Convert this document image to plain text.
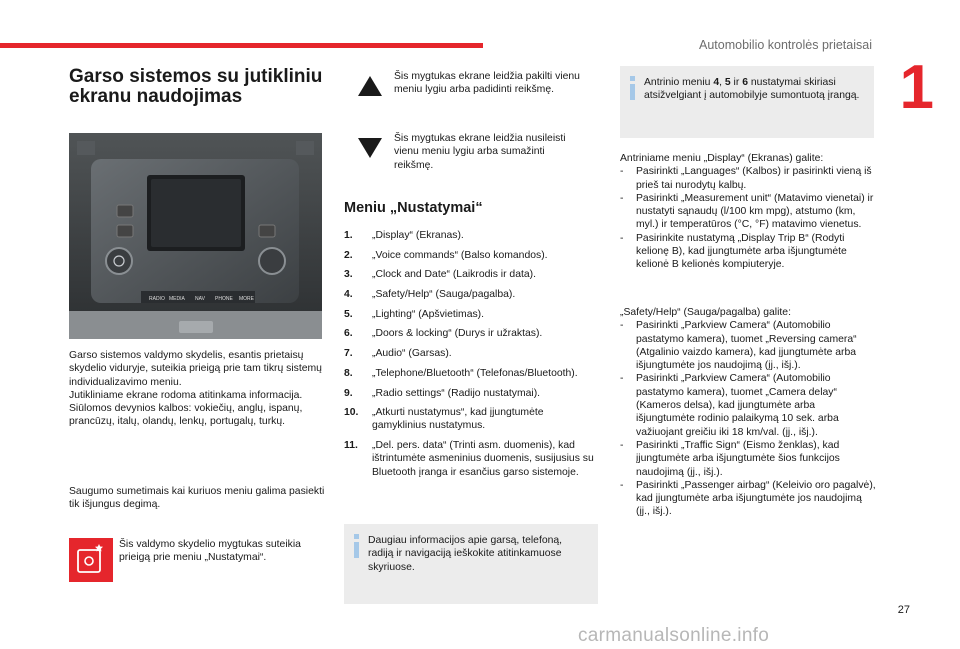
Automobilio kontrolės prietaisai
1
Garso sistemos su jutikliniu ekranu naudojimas
RADIO MEDIA NAV PHONE MORE

Garso sistemos valdymo skydelis, esantis prietaisų skydelio viduryje, suteikia prieigą prie tam tikrų sistemų individualizavimo meniu.

Jutikliniame ekrane rodoma atitinkama informacija.

Siūlomos devynios kalbos: vokiečių, anglų, ispanų, prancūzų, italų, olandų, lenkų, portugalų, turkų.

Saugumo sumetimais kai kuriuos meniu galima pasiekti tik išjungus degimą.
Šis valdymo skydelio mygtukas suteikia prieigą prie meniu „Nustatymai“.
Šis mygtukas ekrane leidžia pakilti vienu meniu lygiu arba padidinti reikšmę.
Šis mygtukas ekrane leidžia nusileisti vienu meniu lygiu arba sumažinti reikšmę.
Meniu „Nustatymai“
1.	„Display“ (Ekranas).
2.	„Voice commands“ (Balso komandos).
3.	„Clock and Date“ (Laikrodis ir data).
4.	„Safety/Help“ (Sauga/pagalba).
5.	„Lighting“ (Apšvietimas).
6.	„Doors & locking“ (Durys ir užraktas).
7.	„Audio“ (Garsas).
8.	„Telephone/Bluetooth“ (Telefonas/Bluetooth).
9.	„Radio settings“ (Radijo nustatymai).
10.	„Atkurti nustatymus“, kad įjungtumėte gamyklinius nustatymus.
11.	„Del. pers. data“ (Trinti asm. duomenis), kad ištrintumėte asmeninius duomenis, susijusius su Bluetooth įranga ir esančius garso sistemoje.
Daugiau informacijos apie garsą, telefoną, radiją ir navigaciją ieškokite atitinkamuose skyriuose.
Antrinio meniu 4, 5 ir 6 nustatymai skiriasi atsižvelgiant į automobilyje sumontuotą įrangą.

Antriniame meniu „Display“ (Ekranas) galite:

- Pasirinkti „Languages“ (Kalbos) ir pasirinkti vieną iš prieš tai nurodytų kalbų.
- Pasirinkti „Measurement unit“ (Matavimo vienetai) ir nustatyti sąnaudų (l/100 km mpg), atstumo (km, myl.) ir temperatūros (°C, °F) matavimo vienetus.
- Pasirinkite nustatymą „Display Trip B“ (Rodyti kelionę B), kad įjungtumėte arba išjungtumėte kelionė B kelionės kompiuteryje.

„Safety/Help“ (Sauga/pagalba) galite:

- Pasirinkti „Parkview Camera“ (Automobilio pastatymo kamera), tuomet „Reversing camera“ (Atgalinio vaizdo kamera), kad įjungtumėte arba išjungtumėte jos naudojimą (įj., išj.).
- Pasirinkti „Parkview Camera“ (Automobilio pastatymo kamera), tuomet „Camera delay“ (Kameros delsa), kad įjungtumėte arba išjungtumėte rodinio palaikymą 10 sek. arba važiuojant greičiu iki 18 km/val. (įj., išj.).
- Pasirinkti „Traffic Sign“ (Eismo ženklas), kad įjungtumėte arba išjungtumėte šios funkcijos naudojimą (įj., išj.).
- Pasirinkti „Passenger airbag“ (Keleivio oro pagalvė), kad įjungtumėte arba išjungtumėte jos naudojimą (įj., išj.).
27
carmanualsonline.info
